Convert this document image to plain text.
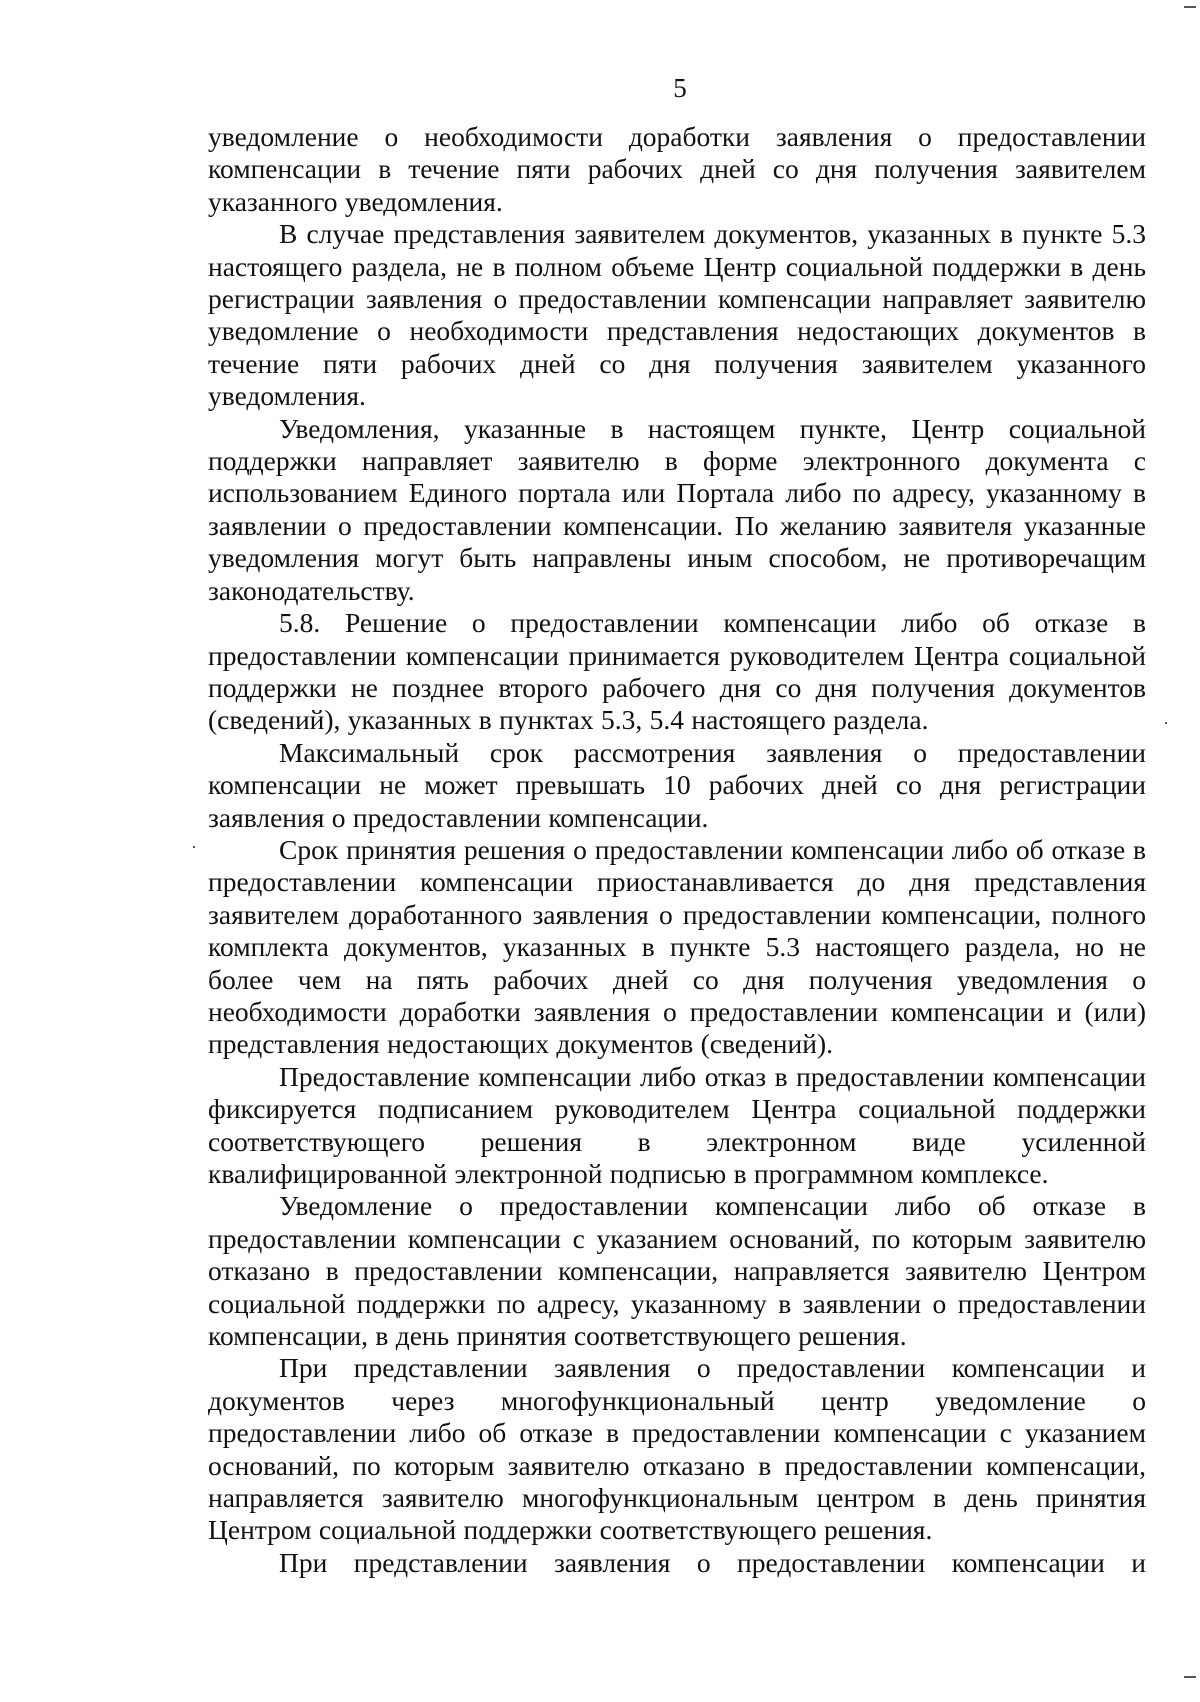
5

уведомление о необходимости доработки заявления о предоставлении компенсации в течение пяти рабочих дней со дня получения заявителем указанного уведомления.

В случае представления заявителем документов, указанных в пункте 5.3 настоящего раздела, не в полном объеме Центр социальной поддержки в день регистрации заявления о предоставлении компенсации направляет заявителю уведомление о необходимости представления недостающих документов в течение пяти рабочих дней со дня получения заявителем указанного уведомления.

Уведомления, указанные в настоящем пункте, Центр социальной поддержки направляет заявителю в форме электронного документа с использованием Единого портала или Портала либо по адресу, указанному в заявлении о предоставлении компенсации. По желанию заявителя указанные уведомления могут быть направлены иным способом, не противоречащим законодательству.

5.8. Решение о предоставлении компенсации либо об отказе в предоставлении компенсации принимается руководителем Центра социальной поддержки не позднее второго рабочего дня со дня получения документов (сведений), указанных в пунктах 5.3, 5.4 настоящего раздела.

Максимальный срок рассмотрения заявления о предоставлении компенсации не может превышать 10 рабочих дней со дня регистрации заявления о предоставлении компенсации.

Срок принятия решения о предоставлении компенсации либо об отказе в предоставлении компенсации приостанавливается до дня представления заявителем доработанного заявления о предоставлении компенсации, полного комплекта документов, указанных в пункте 5.3 настоящего раздела, но не более чем на пять рабочих дней со дня получения уведомления о необходимости доработки заявления о предоставлении компенсации и (или) представления недостающих документов (сведений).

Предоставление компенсации либо отказ в предоставлении компенсации фиксируется подписанием руководителем Центра социальной поддержки соответствующего решения в электронном виде усиленной квалифицированной электронной подписью в программном комплексе.

Уведомление о предоставлении компенсации либо об отказе в предоставлении компенсации с указанием оснований, по которым заявителю отказано в предоставлении компенсации, направляется заявителю Центром социальной поддержки по адресу, указанному в заявлении о предоставлении компенсации, в день принятия соответствующего решения.

При представлении заявления о предоставлении компенсации и документов через многофункциональный центр уведомление о предоставлении либо об отказе в предоставлении компенсации с указанием оснований, по которым заявителю отказано в предоставлении компенсации, направляется заявителю многофункциональным центром в день принятия Центром социальной поддержки соответствующего решения.

При представлении заявления о предоставлении компенсации и
